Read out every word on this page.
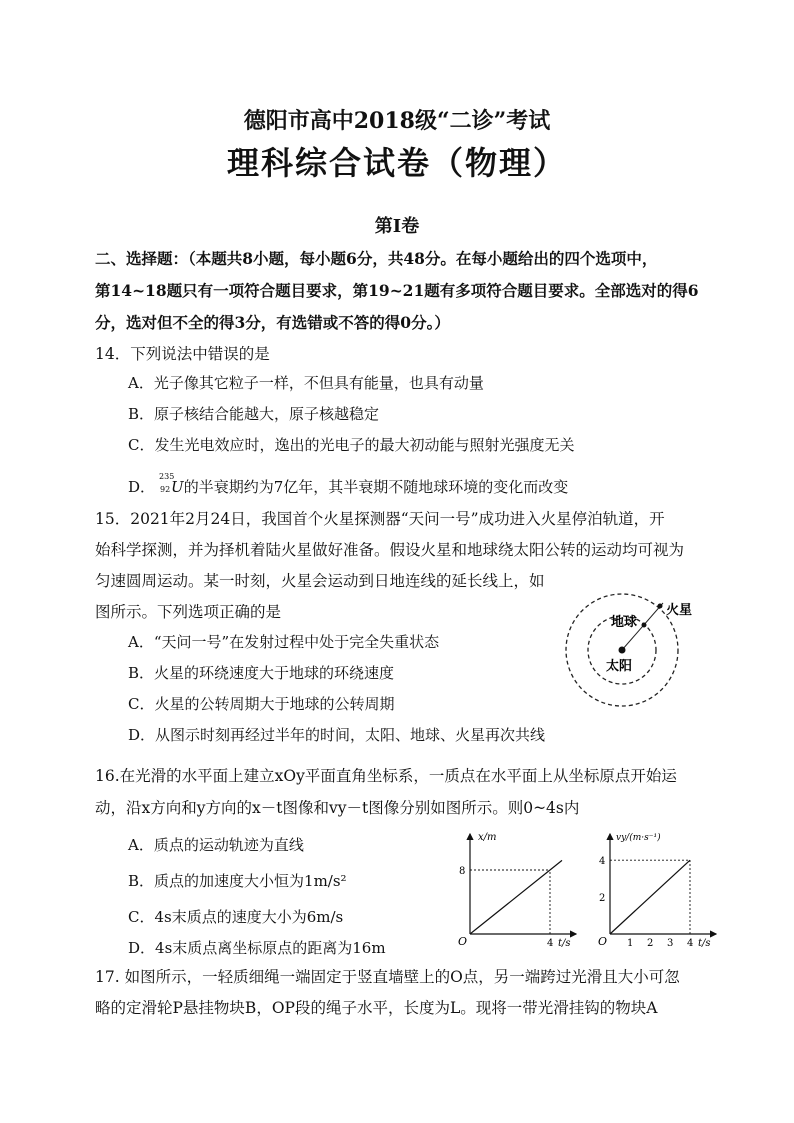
德阳市高中2018级“二诊”考试
理科综合试卷（物理）
第Ⅰ卷
二、选择题：（本题共8小题，每小题6分，共48分。在每小题给出的四个选项中，
第14~18题只有一项符合题目要求，第19~21题有多项符合题目要求。全部选对的得6
分，选对但不全的得3分，有选错或不答的得0分。）
14．下列说法中错误的是
A．光子像其它粒子一样，不但具有能量，也具有动量
B．原子核结合能越大，原子核越稳定
C．发生光电效应时，逸出的光电子的最大初动能与照射光强度无关
D．
235
92 U的半衰期约为7亿年，其半衰期不随地球环境的变化而改变
15．2021年2月24日，我国首个火星探测器“天问一号”成功进入火星停泊轨道，开
始科学探测，并为择机着陆火星做好准备。假设火星和地球绕太阳公转的运动均可视为
匀速圆周运动。某一时刻，火星会运动到日地连线的延长线上，如
图所示。下列选项正确的是
A．“天问一号”在发射过程中处于完全失重状态
B．火星的环绕速度大于地球的环绕速度
C．火星的公转周期大于地球的公转周期
D．从图示时刻再经过半年的时间，太阳、地球、火星再次共线
地球
火星
太阳
16.在光滑的水平面上建立xOy平面直角坐标系，一质点在水平面上从坐标原点开始运
动，沿x方向和y方向的x－t图像和vy－t图像分别如图所示。则0~4s内
A．质点的运动轨迹为直线
B．质点的加速度大小恒为1m/s²
C．4s末质点的速度大小为6m/s
D．4s末质点离坐标原点的距离为16m
x/m
t/s
O	4
8
vy/(m·s⁻¹)
t/s
O 1 2 3 4
2
4
17. 如图所示，一轻质细绳一端固定于竖直墙壁上的O点，另一端跨过光滑且大小可忽
略的定滑轮P悬挂物块B，OP段的绳子水平，长度为L。现将一带光滑挂钩的物块A
